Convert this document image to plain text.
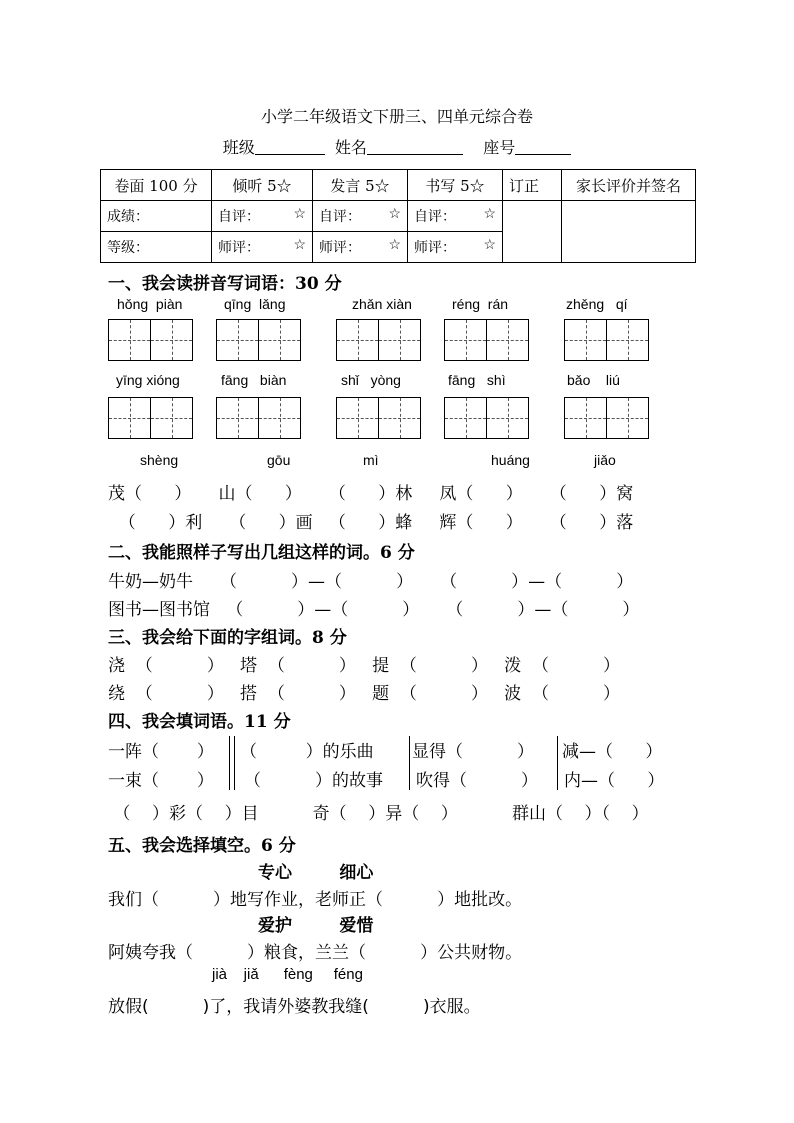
小学二年级语文下册三、四单元综合卷
班级	姓名	座号
卷面 100 分	倾听 5☆	发言 5☆	书写 5☆	订正	家长评价并签名
成绩：	自评： ☆	自评： ☆	自评： ☆		

等级：	师评： ☆	师评： ☆	师评： ☆		
一、我会读拼音写词语：30 分
hǒng  piàn	qīng  lǎng	zhǎn xiàn	réng  rán	zhěng   qí
yīng xióng	fāng   biàn	shǐ   yòng	fāng   shì	bǎo    liú
shèng	gōu	mì	huáng	jiǎo
茂（      ）     山（      ）     （      ）林     凤（      ）     （      ）窝
（      ）利     （      ）画   （      ）蜂     辉（      ）     （      ）落
二、我能照样子写出几组这样的词。6 分
牛奶—奶牛     （          ）—（          ）     （          ）—（          ）
图书—图书馆   （          ）—（          ）     （          ）—（          ）
三、我会给下面的字组词。8 分
浇  （          ）   塔  （          ）   提  （          ）   泼  （          ）
绕  （          ）   搭  （          ）   题  （          ）   波  （          ）
四、我会填词语。11 分
一阵（       ） （         ）的乐曲 显得（          ） 减—（      ）
一束（       ） （          ）的故事 吹得（          ） 内—（      ）
（    ）彩（    ）目          奇（    ）异（    ）          群山（    ）（    ）
五、我会选择填空。6 分
专心        细心
我们（          ）地写作业，老师正（          ）地批改。
爱护        爱惜
阿姨夸我（          ）粮食，兰兰（          ）公共财物。
jià    jiǎ      fèng     féng
放假(          )了，我请外婆教我缝(          )衣服。
